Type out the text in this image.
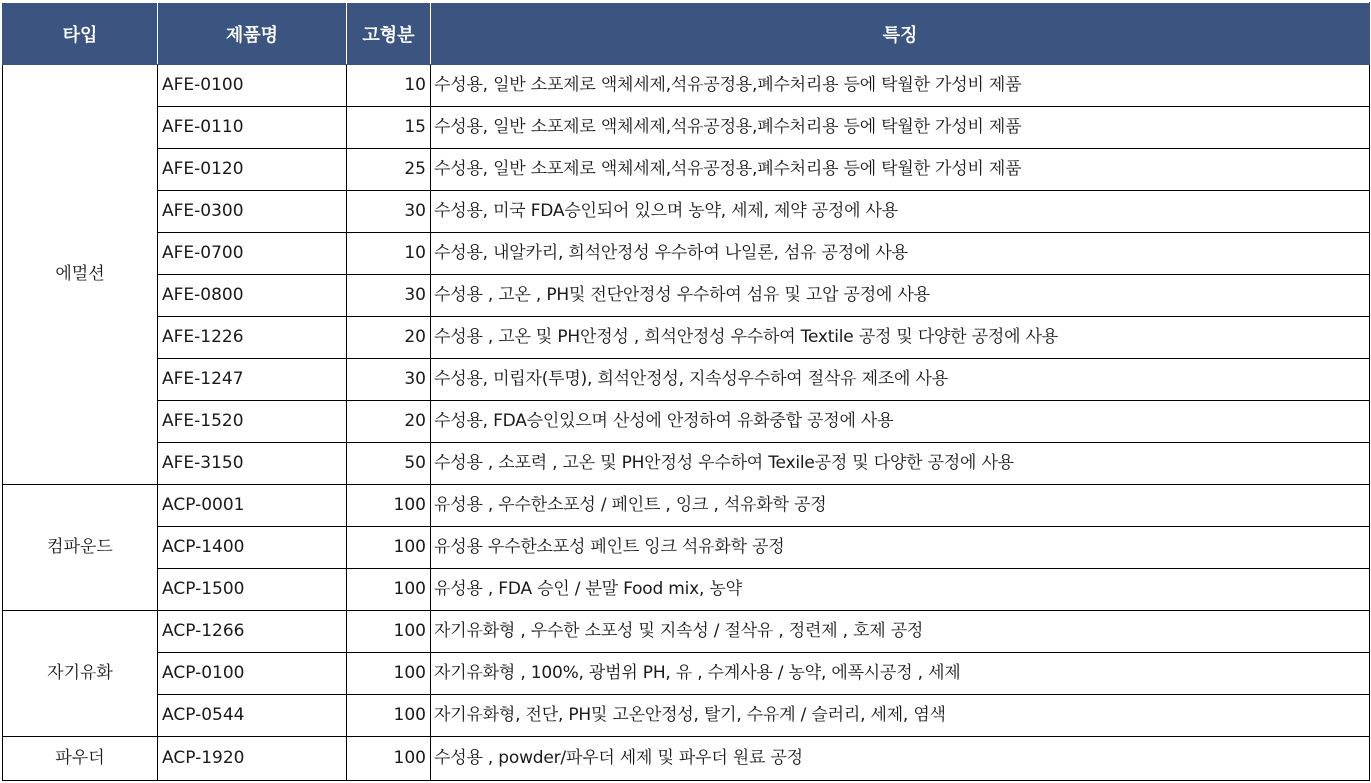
타입	제품명	고형분	특징
에멀션	AFE-0100	10	수성용, 일반 소포제로 액체세제,석유공정용,폐수처리용 등에 탁월한 가성비 제품
	AFE-0110	15	수성용, 일반 소포제로 액체세제,석유공정용,폐수처리용 등에 탁월한 가성비 제품
	AFE-0120	25	수성용, 일반 소포제로 액체세제,석유공정용,폐수처리용 등에 탁월한 가성비 제품
	AFE-0300	30	수성용, 미국 FDA승인되어 있으며 농약, 세제, 제약 공정에 사용
	AFE-0700	10	수성용, 내알카리, 희석안정성 우수하여 나일론, 섬유 공정에 사용
	AFE-0800	30	수성용 , 고온 , PH및 전단안정성 우수하여 섬유 및 고압 공정에 사용
	AFE-1226	20	수성용 , 고온 및 PH안정성 , 희석안정성 우수하여 Textile 공정 및 다양한 공정에 사용
	AFE-1247	30	수성용, 미립자(투명), 희석안정성, 지속성우수하여 절삭유 제조에 사용
	AFE-1520	20	수성용, FDA승인있으며 산성에 안정하여 유화중합 공정에 사용
	AFE-3150	50	수성용 , 소포력 , 고온 및 PH안정성 우수하여 Texile공정 및 다양한 공정에 사용
컴파운드	ACP-0001	100	유성용 , 우수한소포성 / 페인트 , 잉크 , 석유화학 공정
	ACP-1400	100	유성용 우수한소포성 페인트 잉크 석유화학 공정
	ACP-1500	100	유성용 , FDA 승인 / 분말 Food mix, 농약
자기유화	ACP-1266	100	자기유화형 , 우수한 소포성 및 지속성 / 절삭유 , 정련제 , 호제 공정
	ACP-0100	100	자기유화형 , 100%, 광범위 PH, 유 , 수계사용 / 농약, 에폭시공정 , 세제
	ACP-0544	100	자기유화형, 전단, PH및 고온안정성, 탈기, 수유계 / 슬러리, 세제, 염색
파우더	ACP-1920	100	수성용 , powder/파우더 세제 및 파우더 원료 공정
